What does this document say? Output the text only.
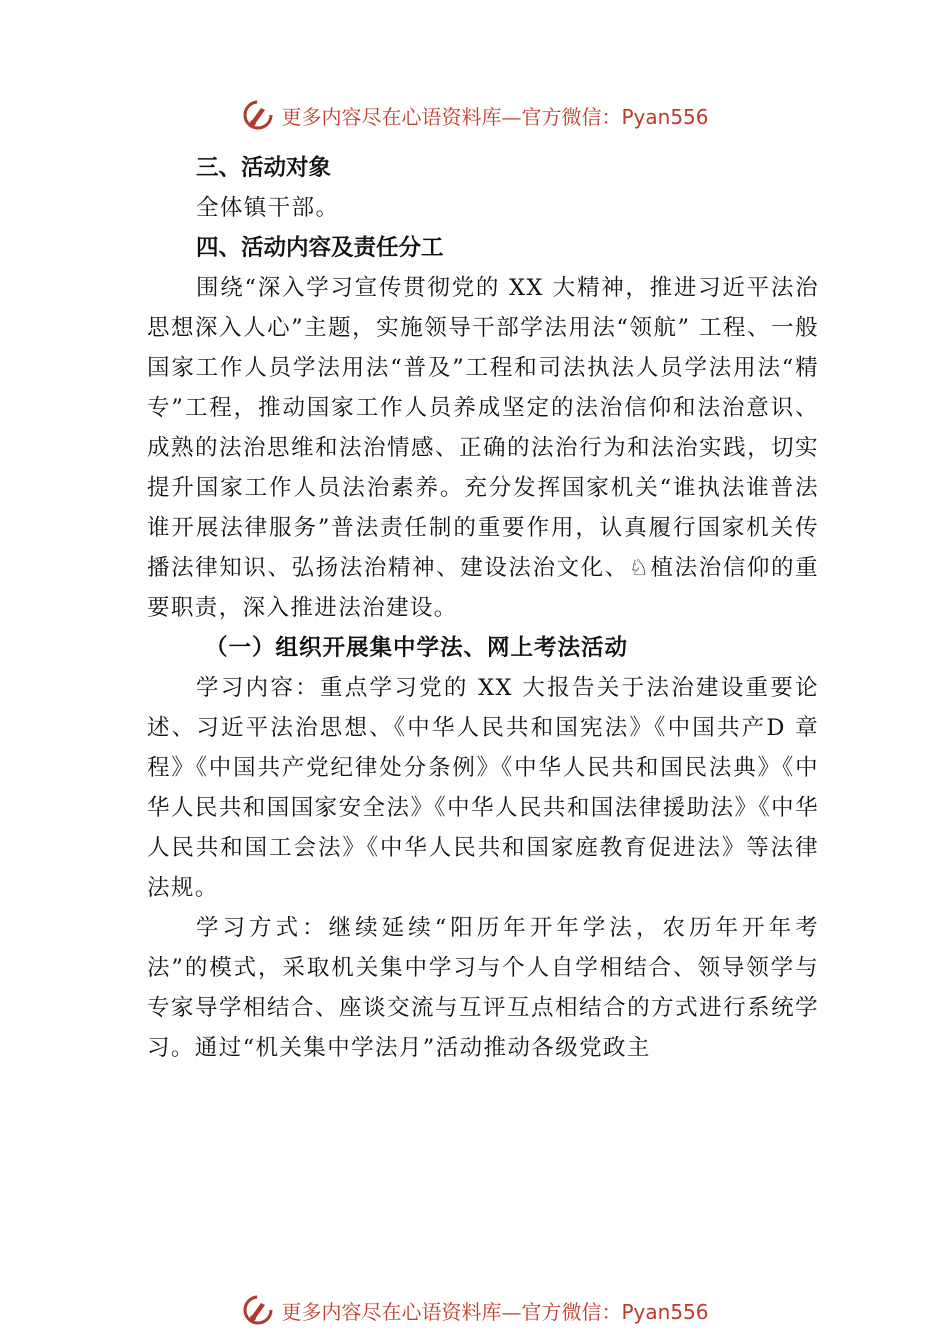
更多内容尽在心语资料库—官方微信：Pyan556

三、活动对象

全体镇干部。

四、活动内容及责任分工

围绕“深入学习宣传贯彻党的 XX 大精神，推进习近平法治思想深入人心”主题，实施领导干部学法用法“领航” 工程、一般国家工作人员学法用法“普及”工程和司法执法人员学法用法“精专”工程，推动国家工作人员养成坚定的法治信仰和法治意识、成熟的法治思维和法治情感、正确的法治行为和法治实践，切实提升国家工作人员法治素养。充分发挥国家机关“谁执法谁普法谁开展法律服务”普法责任制的重要作用，认真履行国家机关传播法律知识、弘扬法治精神、建设法治文化、♘植法治信仰的重要职责，深入推进法治建设。

（一）组织开展集中学法、网上考法活动

学习内容：重点学习党的 XX 大报告关于法治建设重要论述、习近平法治思想、《中华人民共和国宪法》《中国共产D 章程》《中国共产党纪律处分条例》《中华人民共和国民法典》《中华人民共和国国家安全法》《中华人民共和国法律援助法》《中华人民共和国工会法》《中华人民共和国家庭教育促进法》等法律法规。

学习方式：继续延续“阳历年开年学法，农历年开年考法”的模式，采取机关集中学习与个人自学相结合、领导领学与专家导学相结合、座谈交流与互评互点相结合的方式进行系统学习。通过“机关集中学法月”活动推动各级党政主

更多内容尽在心语资料库—官方微信：Pyan556
